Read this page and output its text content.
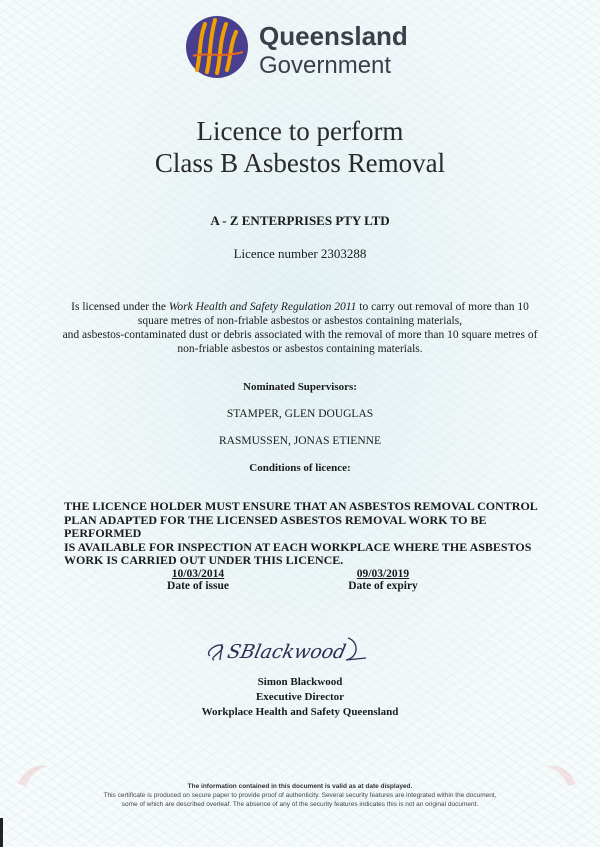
Queensland
Government
Licence to perform
Class B Asbestos Removal
A - Z ENTERPRISES PTY LTD
Licence number 2303288
Is licensed under the Work Health and Safety Regulation 2011 to carry out removal of more than 10
square metres of non-friable asbestos or asbestos containing materials,
and asbestos-contaminated dust or debris associated with the removal of more than 10 square metres of
non-friable asbestos or asbestos containing materials.
Nominated Supervisors:
STAMPER, GLEN DOUGLAS
RASMUSSEN, JONAS ETIENNE
Conditions of licence:
THE LICENCE HOLDER MUST ENSURE THAT AN ASBESTOS REMOVAL CONTROL
PLAN ADAPTED FOR THE LICENSED ASBESTOS REMOVAL WORK TO BE PERFORMED
IS AVAILABLE FOR INSPECTION AT EACH WORKPLACE WHERE THE ASBESTOS
WORK IS CARRIED OUT UNDER THIS LICENCE.
10/03/2014
Date of issue
09/03/2019
Date of expiry
SBlackwood
Simon Blackwood
Executive Director
Workplace Health and Safety Queensland
The information contained in this document is valid as at date displayed.
This certificate is produced on secure paper to provide proof of authenticity. Several security features are integrated within the document,
some of which are described overleaf. The absence of any of the security features indicates this is not an original document.
